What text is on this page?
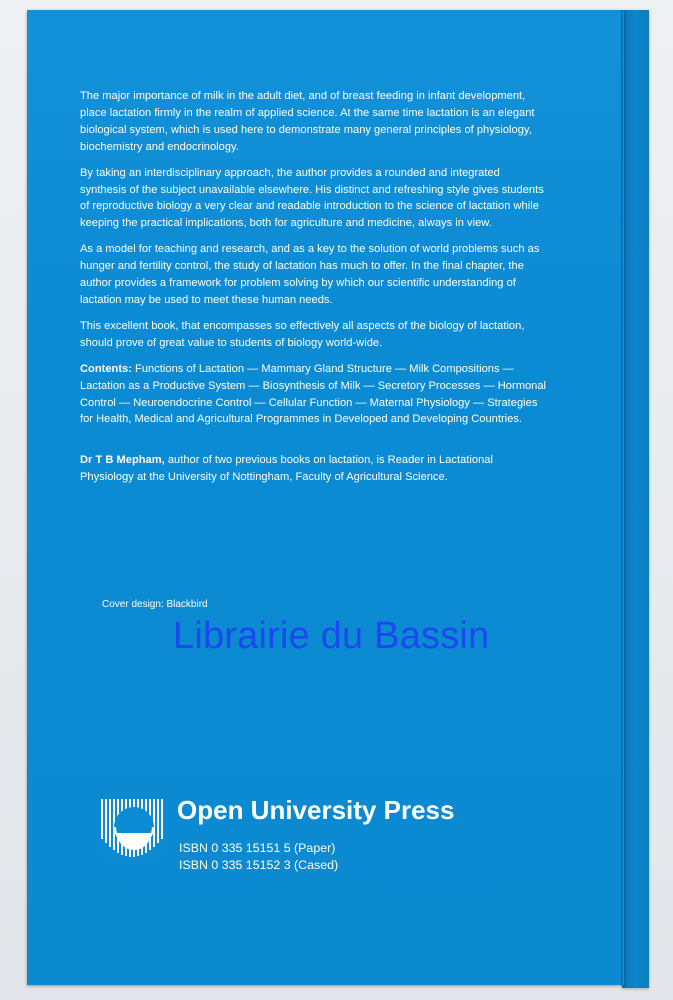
The major importance of milk in the adult diet, and of breast feeding in infant development, place lactation firmly in the realm of applied science. At the same time lactation is an elegant biological system, which is used here to demonstrate many general principles of physiology, biochemistry and endocrinology.

By taking an interdisciplinary approach, the author provides a rounded and integrated synthesis of the subject unavailable elsewhere. His distinct and refreshing style gives students of reproductive biology a very clear and readable introduction to the science of lactation while keeping the practical implications, both for agriculture and medicine, always in view.

As a model for teaching and research, and as a key to the solution of world problems such as hunger and fertility control, the study of lactation has much to offer. In the final chapter, the author provides a framework for problem solving by which our scientific understanding of lactation may be used to meet these human needs.

This excellent book, that encompasses so effectively all aspects of the biology of lactation, should prove of great value to students of biology world-wide.

Contents: Functions of Lactation — Mammary Gland Structure — Milk Compositions — Lactation as a Productive System — Biosynthesis of Milk — Secretory Processes — Hormonal Control — Neuroendocrine Control — Cellular Function — Maternal Physiology — Strategies for Health, Medical and Agricultural Programmes in Developed and Developing Countries.

Dr T B Mepham, author of two previous books on lactation, is Reader in Lactational Physiology at the University of Nottingham, Faculty of Agricultural Science.

Cover design: Blackbird
Librairie du Bassin
Open University Press
ISBN 0 335 15151 5 (Paper)
ISBN 0 335 15152 3 (Cased)
